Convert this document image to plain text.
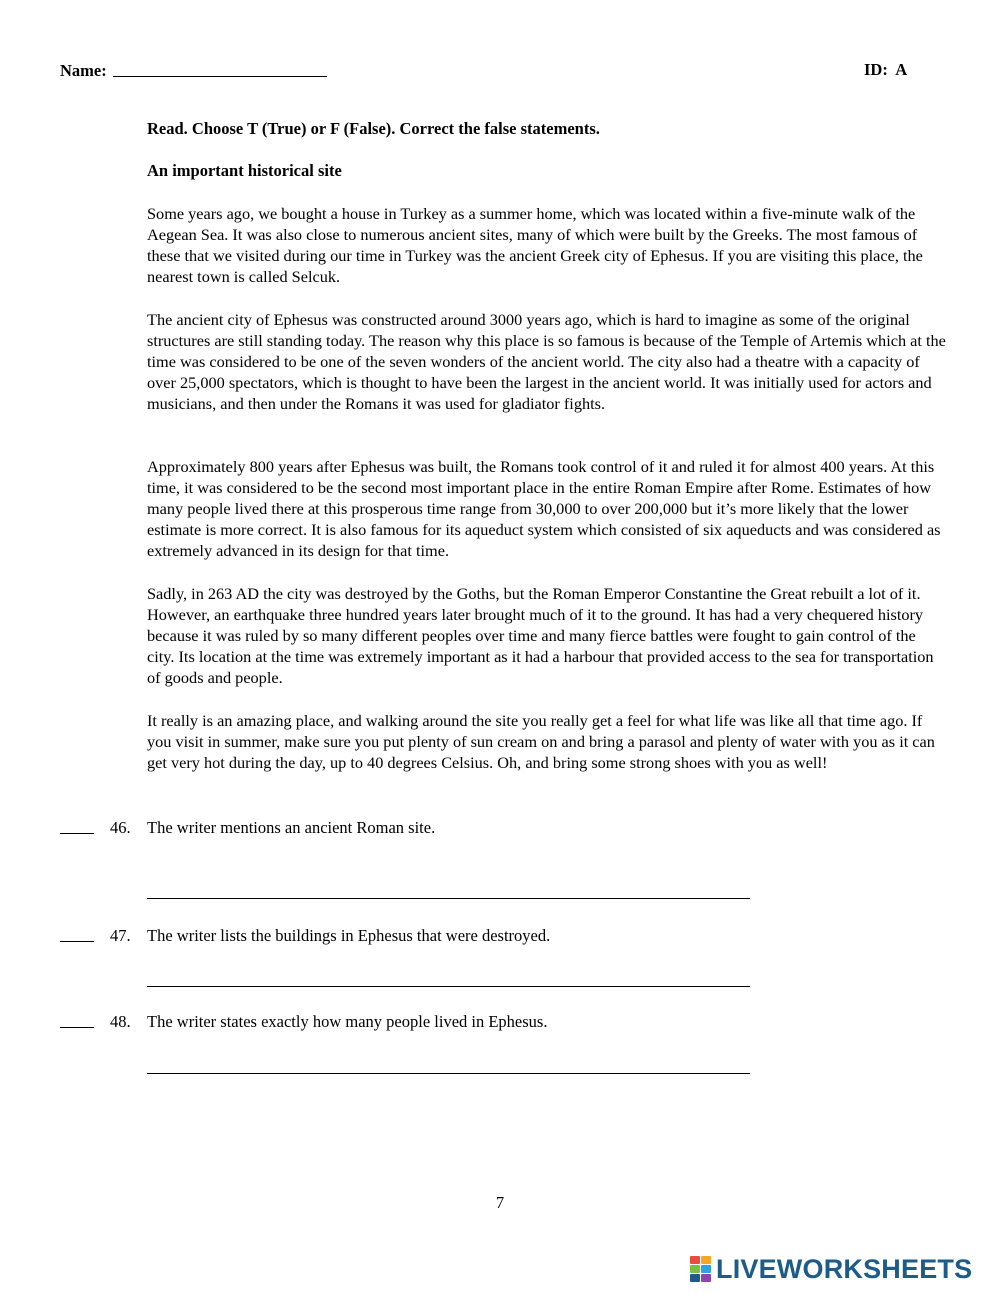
Name:	ID: A
Read. Choose T (True) or F (False). Correct the false statements.
An important historical site

Some years ago, we bought a house in Turkey as a summer home, which was located within a five-minute walk of the Aegean Sea. It was also close to numerous ancient sites, many of which were built by the Greeks. The most famous of these that we visited during our time in Turkey was the ancient Greek city of Ephesus. If you are visiting this place, the nearest town is called Selcuk.

The ancient city of Ephesus was constructed around 3000 years ago, which is hard to imagine as some of the original structures are still standing today. The reason why this place is so famous is because of the Temple of Artemis which at the time was considered to be one of the seven wonders of the ancient world. The city also had a theatre with a capacity of over 25,000 spectators, which is thought to have been the largest in the ancient world. It was initially used for actors and musicians, and then under the Romans it was used for gladiator fights.

Approximately 800 years after Ephesus was built, the Romans took control of it and ruled it for almost 400 years. At this time, it was considered to be the second most important place in the entire Roman Empire after Rome. Estimates of how many people lived there at this prosperous time range from 30,000 to over 200,000 but it’s more likely that the lower estimate is more correct. It is also famous for its aqueduct system which consisted of six aqueducts and was considered as extremely advanced in its design for that time.

Sadly, in 263 AD the city was destroyed by the Goths, but the Roman Emperor Constantine the Great rebuilt a lot of it. However, an earthquake three hundred years later brought much of it to the ground. It has had a very chequered history because it was ruled by so many different peoples over time and many fierce battles were fought to gain control of the city. Its location at the time was extremely important as it had a harbour that provided access to the sea for transportation of goods and people.

It really is an amazing place, and walking around the site you really get a feel for what life was like all that time ago. If you visit in summer, make sure you put plenty of sun cream on and bring a parasol and plenty of water with you as it can get very hot during the day, up to 40 degrees Celsius. Oh, and bring some strong shoes with you as well!

46. The writer mentions an ancient Roman site.
47. The writer lists the buildings in Ephesus that were destroyed.
48. The writer states exactly how many people lived in Ephesus.
7
LIVEWORKSHEETS
